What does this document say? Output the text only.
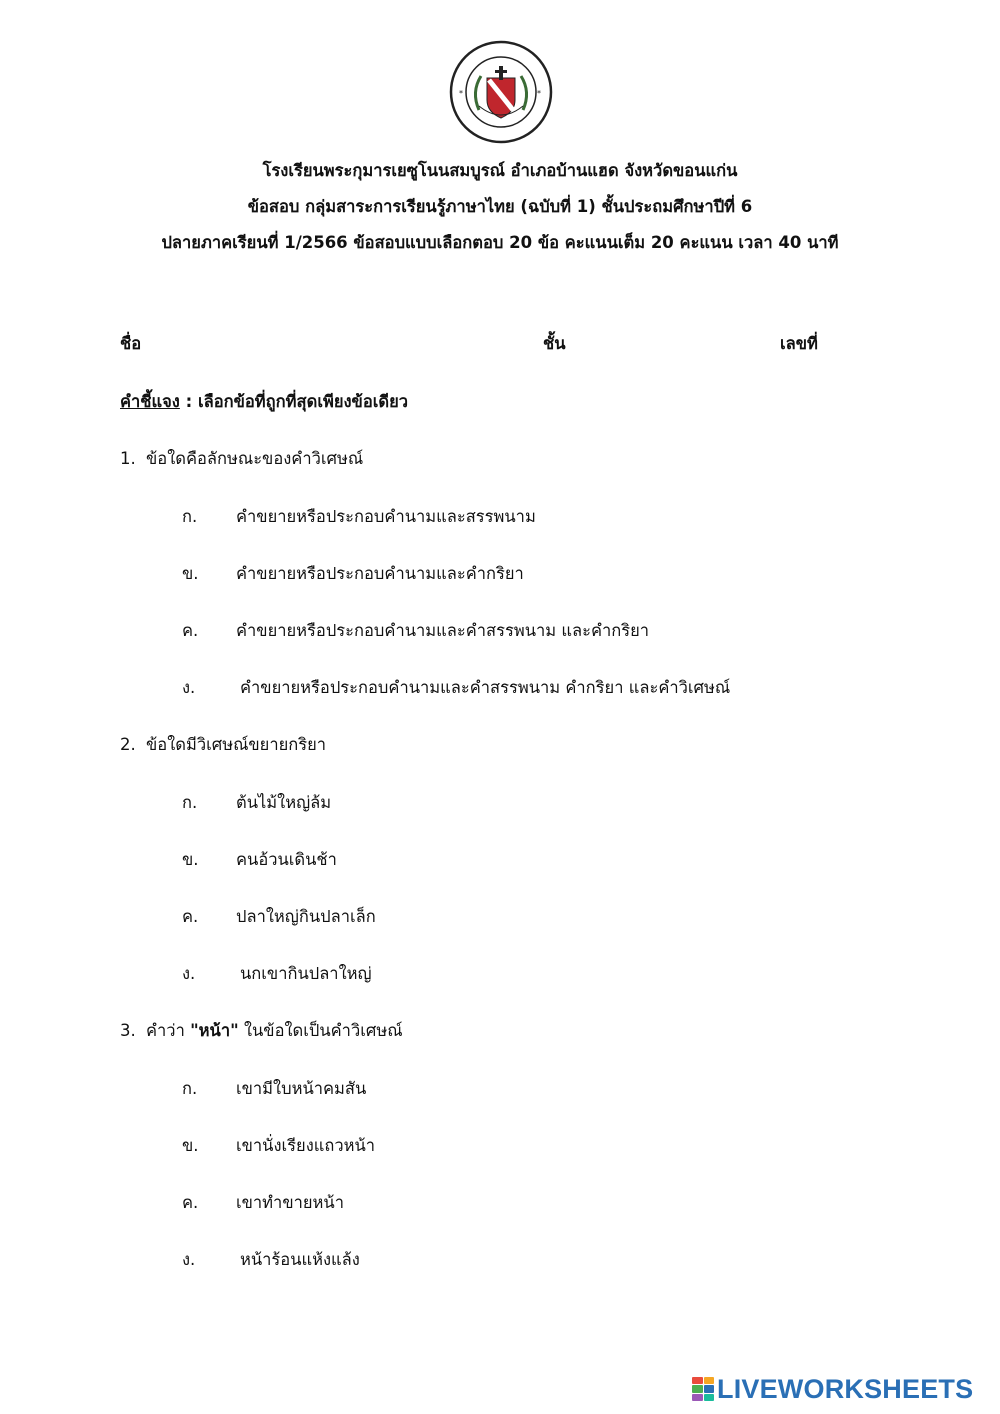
*	*
โรงเรียนพระกุมารเยซูโนนสมบูรณ์ อำเภอบ้านแฮด จังหวัดขอนแก่น
ข้อสอบ กลุ่มสาระการเรียนรู้ภาษาไทย (ฉบับที่ 1) ชั้นประถมศึกษาปีที่ 6
ปลายภาคเรียนที่ 1/2566 ข้อสอบแบบเลือกตอบ 20 ข้อ คะแนนเต็ม 20 คะแนน เวลา 40 นาที
ชื่อ	ชั้น	เลขที่
คำชี้แจง : เลือกข้อที่ถูกที่สุดเพียงข้อเดียว
1. ข้อใดคือลักษณะของคำวิเศษณ์
ก. คำขยายหรือประกอบคำนามและสรรพนาม
ข. คำขยายหรือประกอบคำนามและคำกริยา
ค. คำขยายหรือประกอบคำนามและคำสรรพนาม และคำกริยา
ง.	คำขยายหรือประกอบคำนามและคำสรรพนาม คำกริยา และคำวิเศษณ์
2. ข้อใดมีวิเศษณ์ขยายกริยา
ก. ต้นไม้ใหญ่ล้ม
ข. คนอ้วนเดินช้า
ค. ปลาใหญ่กินปลาเล็ก
ง.	นกเขากินปลาใหญ่
3. คำว่า "หน้า" ในข้อใดเป็นคำวิเศษณ์
ก. เขามีใบหน้าคมสัน
ข. เขานั่งเรียงแถวหน้า
ค. เขาทำขายหน้า
ง.	หน้าร้อนแห้งแล้ง
LIVEWORKSHEETS
